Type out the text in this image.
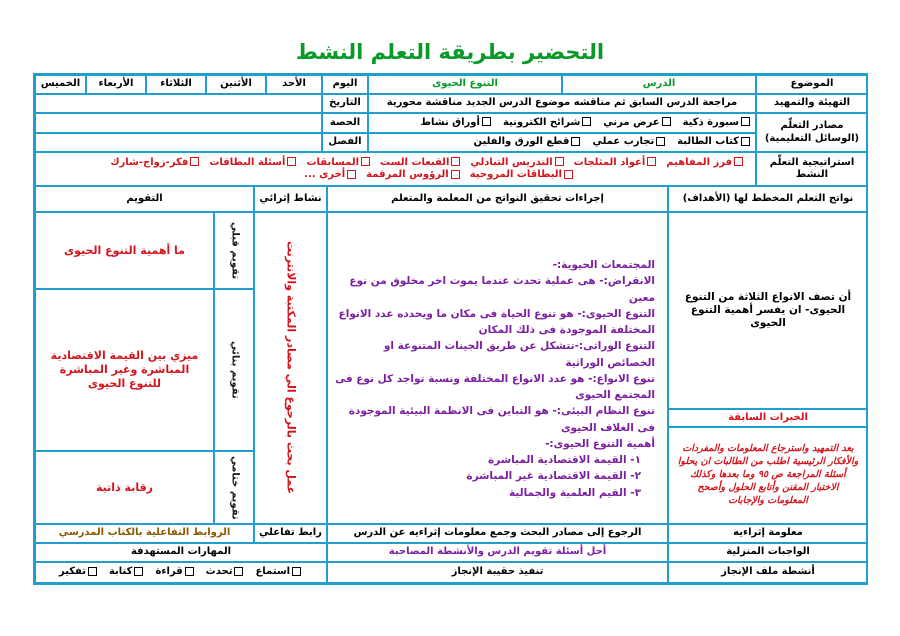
التحضير بطريقة التعلم النشط
الموضوع
التنوع الحيوى	الدرس
اليوم
الأحد
الأثنين
الثلاثاء
الأربعاء
الخميس
التهيئة والتمهيد
مراجعة الدرس السابق ثم مناقشه موضوع الدرس الجديد مناقشة محورية
التاريخ
مصادر التعلّم (الوسائل التعليمية)
سبورة ذكية
عرض مرني
شرائح الكترونية
أوراق نشاط
كتاب الطالبة
تجارب عملي
قطع الورق والفلين
الحصة
الفصل
استراتيجية التعلّم النشط
فرز المفاهيم
أعواد المثلجات
التدريس التبادلي
القبعات الست
المسابقات
أسئلة البطاقات
فكر-زواج-شارك
البطاقات المروحية
الرؤوس المرقمة
أخرى ...
نواتج التعلم المخطط لها (الأهداف)
إجراءات تحقيق النواتج من المعلمة والمتعلم
نشاط إثرائي
التقويم
أن تصف الانواع الثلاثة من التنوع الحيوى- ان يفسر أهمية التنوع الحيوى
الخبرات السابقة
بعد التمهيد واسترجاع المعلومات والمفردات والأفكار الرئيسية اطلب من الطالبات ان يحلوا أسئلة المراجعة ص ٩٥ وما بعدها وكذلك الاختبار المقنن وأتابع الحلول وأصحح المعلومات والإجابات
المجتمعات الحيوية:-
الانقراض:- هى عملية تحدث عندما يموت اخر مخلوق من نوع معين
التنوع الحيوى:- هو تنوع الحياة فى مكان ما ويحدده عدد الانواع المختلفة الموجودة فى ذلك المكان
التنوع الوراثى:-تتشكل عن طريق الجينات المتنوعة او الخصائص الوراثية
تنوع الانواع:- هو عدد الانواع المختلفة ونسبة تواجد كل نوع فى المجتمع الحيوى
تنوع النظام البيئى:- هو التباين فى الانظمة البيئية الموجودة فى الغلاف الحيوى
أهمية التنوع الحيوى:-
١- القيمة الاقتصادية المباشرة
٢- القيمة الاقتصادية غير المباشرة
٣- القيم العلمية والجمالية
عمل بحث بالرجوع الي مصادر المكتبة والانترنت
تقويم قبلي
ما أهمية التنوع الحيوى
تقويم بنائي
ميزي بين القيمة الاقتصادية المباشرة وغير المباشرة للتنوع الحيوى
تقويم ختامي
رقابة ذاتية
معلومة إثراءيه
الرجوع إلى مصادر البحث وجمع معلومات إثراءيه عن الدرس
رابط تفاعلي
الروابط التفاعلية بالكتاب المدرسي
الواجبات المنزلية
أحل أسئلة تقويم الدرس والأنشطة المصاحبة
المهارات المستهدفة
أنشطة ملف الإنجاز
تنفيذ حقيبة الإنجاز
استماع
تحدث
قراءة
كتابة
تفكير
